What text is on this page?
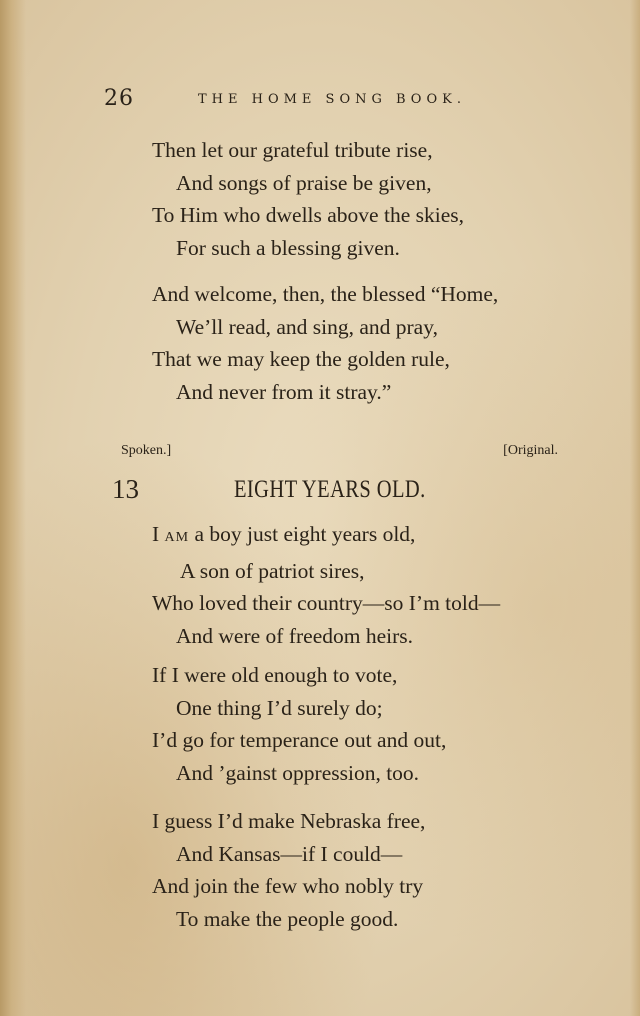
26	THE HOME SONG BOOK.
Then let our grateful tribute rise,
And songs of praise be given,
To Him who dwells above the skies,
For such a blessing given.
And welcome, then, the blessed “Home,
We’ll read, and sing, and pray,
That we may keep the golden rule,
And never from it stray.”
Spoken.]	[Original.
13	EIGHT YEARS OLD.
I AM a boy just eight years old,
A son of patriot sires,
Who loved their country—so I’m told—
And were of freedom heirs.
If I were old enough to vote,
One thing I’d surely do;
I’d go for temperance out and out,
And ’gainst oppression, too.
I guess I’d make Nebraska free,
And Kansas—if I could—
And join the few who nobly try
To make the people good.
